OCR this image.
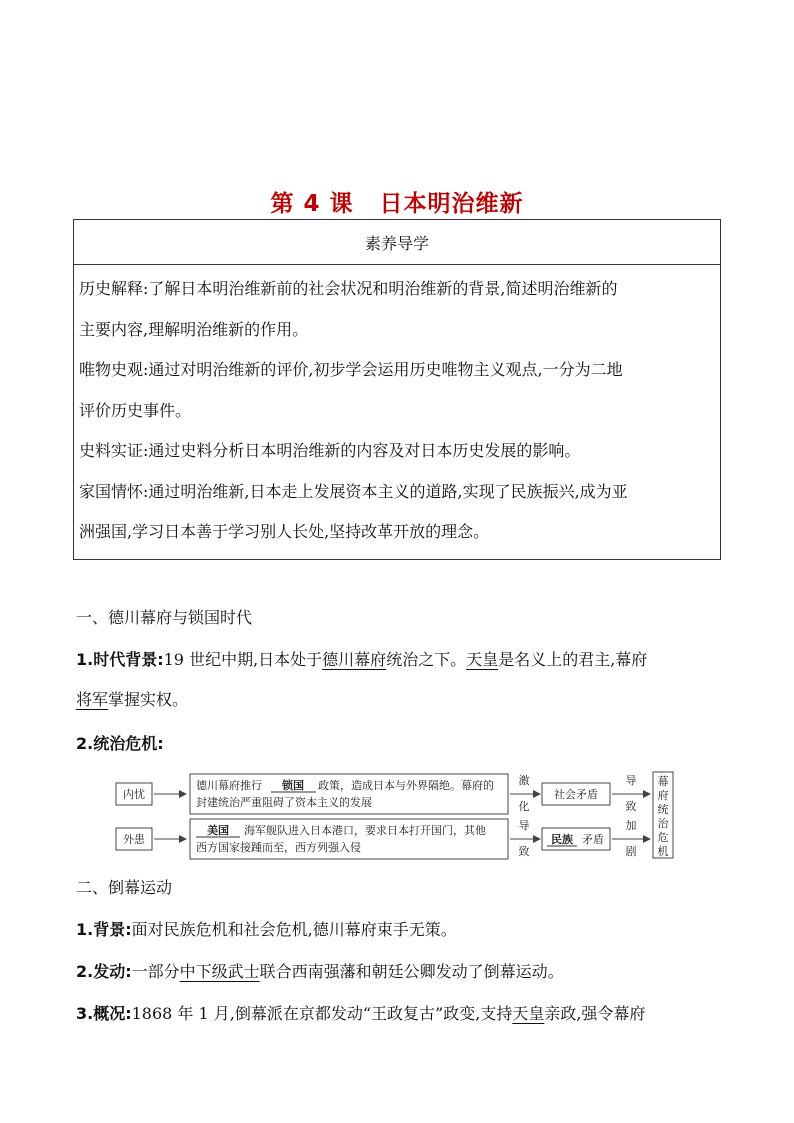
第 4 课 日本明治维新
素养导学

历史解释:了解日本明治维新前的社会状况和明治维新的背景,简述明治维新的
主要内容,理解明治维新的作用。
唯物史观:通过对明治维新的评价,初步学会运用历史唯物主义观点,一分为二地
评价历史事件。
史料实证:通过史料分析日本明治维新的内容及对日本历史发展的影响。
家国情怀:通过明治维新,日本走上发展资本主义的道路,实现了民族振兴,成为亚
洲强国,学习日本善于学习别人长处,坚持改革开放的理念。
一、德川幕府与锁国时代
1.时代背景:19 世纪中期,日本处于德川幕府统治之下。天皇是名义上的君主,幕府
将军掌握实权。
2.统治危机:
内忧
外患
德川幕府推行 锁国 政策，造成日本与外界隔绝。幕府的
封建统治严重阻碍了资本主义的发展
美国 海军舰队进入日本港口，要求日本打开国门，其他
西方国家接踵而至，西方列强入侵
激
化
导
致
社会矛盾
民族 矛盾
导
致
加
剧
幕
府
统
治
危
机
二、倒幕运动
1.背景:面对民族危机和社会危机,德川幕府束手无策。
2.发动:一部分中下级武士联合西南强藩和朝廷公卿发动了倒幕运动。
3.概况:1868 年 1 月,倒幕派在京都发动“王政复古”政变,支持天皇亲政,强令幕府
